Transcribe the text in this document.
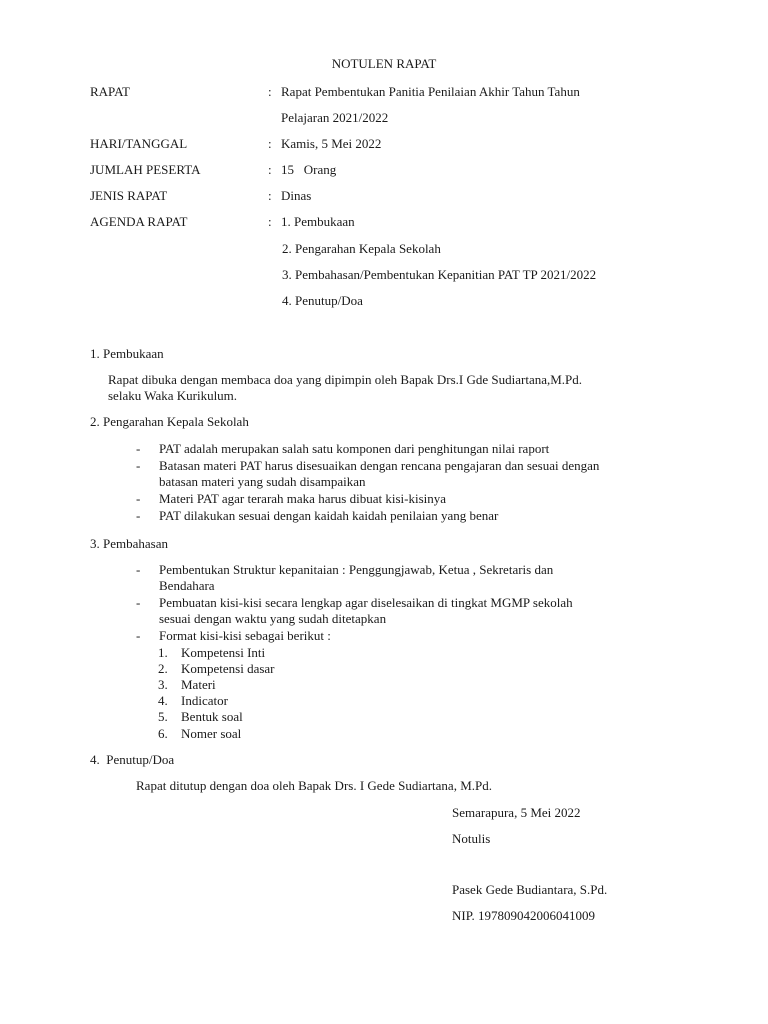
NOTULEN RAPAT
RAPAT	: Rapat Pembentukan Panitia Penilaian Akhir Tahun Tahun
Pelajaran 2021/2022
HARI/TANGGAL	: Kamis, 5 Mei 2022
JUMLAH PESERTA	: 15   Orang
JENIS RAPAT	: Dinas
AGENDA RAPAT	: 1. Pembukaan
2. Pengarahan Kepala Sekolah
3. Pembahasan/Pembentukan Kepanitian PAT TP 2021/2022
4. Penutup/Doa
1. Pembukaan
Rapat dibuka dengan membaca doa yang dipimpin oleh Bapak Drs.I Gde Sudiartana,M.Pd.
selaku Waka Kurikulum.
2. Pengarahan Kepala Sekolah
- PAT adalah merupakan salah satu komponen dari penghitungan nilai raport
- Batasan materi PAT harus disesuaikan dengan rencana pengajaran dan sesuai dengan
batasan materi yang sudah disampaikan
- Materi PAT agar terarah maka harus dibuat kisi-kisinya
- PAT dilakukan sesuai dengan kaidah kaidah penilaian yang benar
3. Pembahasan
- Pembentukan Struktur kepanitaian : Penggungjawab, Ketua , Sekretaris dan
Bendahara
- Pembuatan kisi-kisi secara lengkap agar diselesaikan di tingkat MGMP sekolah
sesuai dengan waktu yang sudah ditetapkan
- Format kisi-kisi sebagai berikut :
1. Kompetensi Inti
2. Kompetensi dasar
3. Materi
4. Indicator
5. Bentuk soal
6. Nomer soal
4.  Penutup/Doa
Rapat ditutup dengan doa oleh Bapak Drs. I Gede Sudiartana, M.Pd.
Semarapura, 5 Mei 2022
Notulis
Pasek Gede Budiantara, S.Pd.
NIP. 197809042006041009
